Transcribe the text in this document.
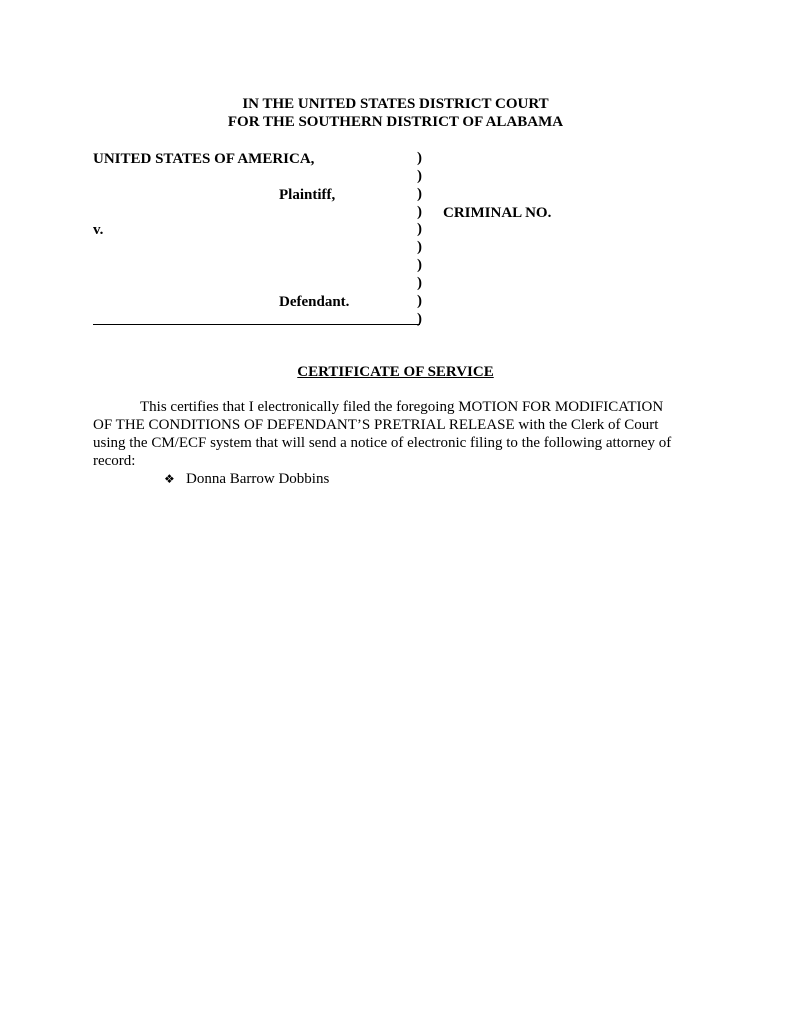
IN THE UNITED STATES DISTRICT COURT
FOR THE SOUTHERN DISTRICT OF ALABAMA
UNITED STATES OF AMERICA,
Plaintiff,
v.
Defendant.
CRIMINAL NO.
)
)
)
)
)
)
)
)
)
)
CERTIFICATE OF SERVICE
This certifies that I electronically filed the foregoing MOTION FOR MODIFICATION
OF THE CONDITIONS OF DEFENDANT’S PRETRIAL RELEASE with the Clerk of Court
using the CM/ECF system that will send a notice of electronic filing to the following attorney of
record:
❖ Donna Barrow Dobbins
